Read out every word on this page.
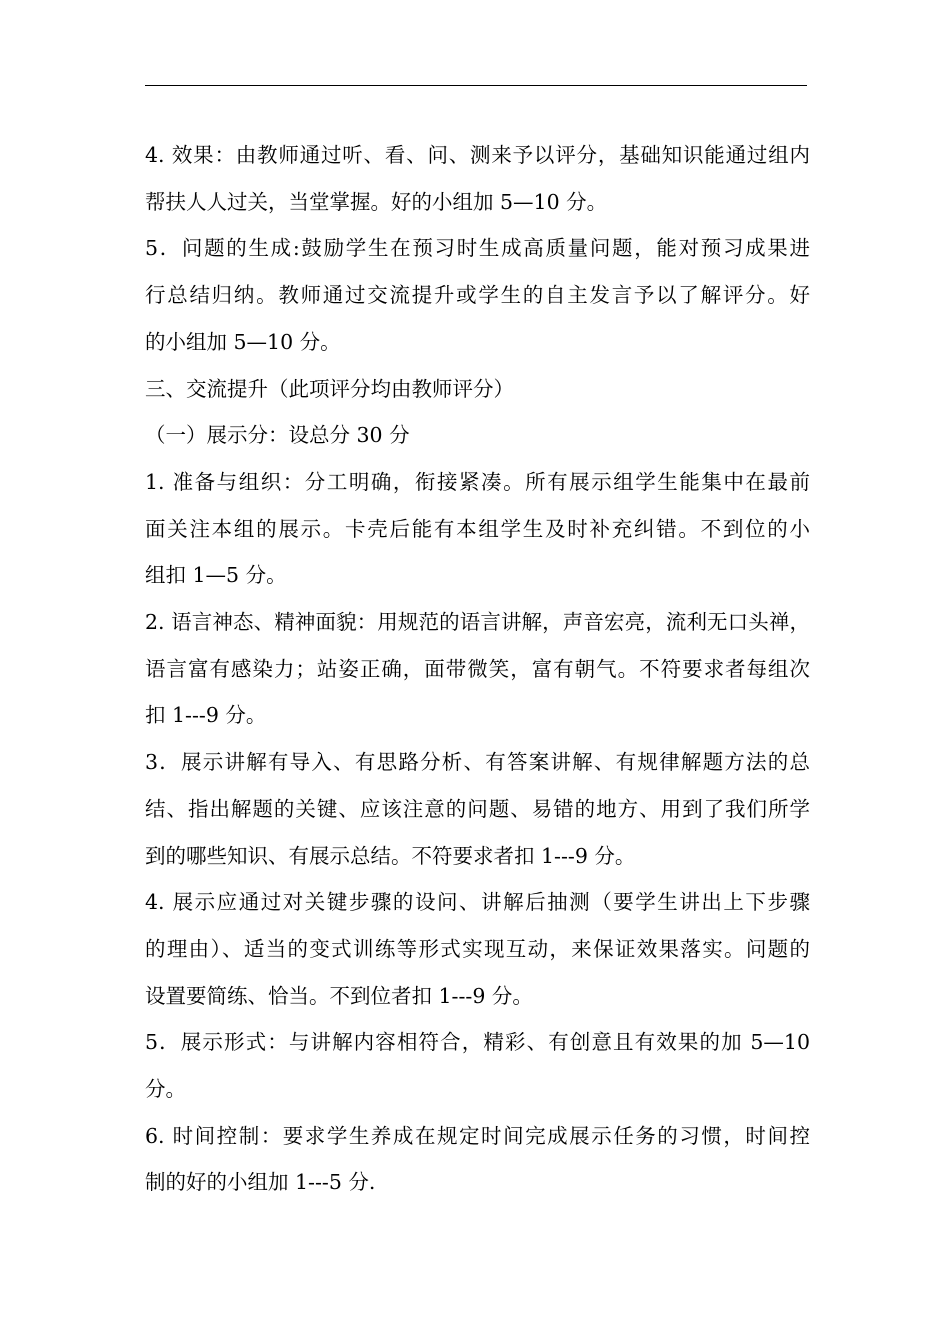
4. 效果：由教师通过听、看、问、测来予以评分，基础知识能通过组内
帮扶人人过关，当堂掌握。好的小组加 5—10 分。

5．问题的生成:鼓励学生在预习时生成高质量问题，能对预习成果进
行总结归纳。教师通过交流提升或学生的自主发言予以了解评分。好
的小组加 5—10 分。

三、交流提升（此项评分均由教师评分）

（一）展示分：设总分 30 分

1. 准备与组织：分工明确，衔接紧凑。所有展示组学生能集中在最前
面关注本组的展示。卡壳后能有本组学生及时补充纠错。不到位的小
组扣 1—5 分。

2. 语言神态、精神面貌：用规范的语言讲解，声音宏亮，流利无口头禅，
语言富有感染力；站姿正确，面带微笑，富有朝气。不符要求者每组次
扣 1---9 分。

3．展示讲解有导入、有思路分析、有答案讲解、有规律解题方法的总
结、指出解题的关键、应该注意的问题、易错的地方、用到了我们所学
到的哪些知识、有展示总结。不符要求者扣 1---9 分。

4. 展示应通过对关键步骤的设问、讲解后抽测（要学生讲出上下步骤
的理由）、适当的变式训练等形式实现互动，来保证效果落实。问题的
设置要简练、恰当。不到位者扣 1---9 分。

5．展示形式：与讲解内容相符合，精彩、有创意且有效果的加 5—10
分。

6. 时间控制：要求学生养成在规定时间完成展示任务的习惯，时间控
制的好的小组加 1---5 分.
